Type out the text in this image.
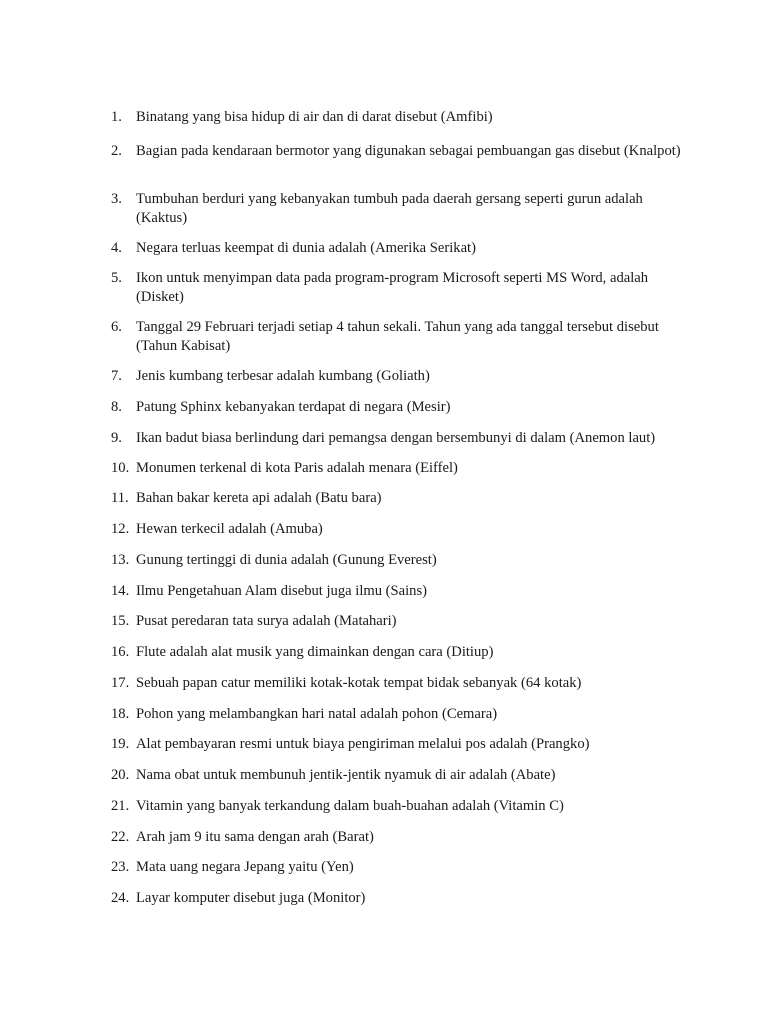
1. Binatang yang bisa hidup di air dan di darat disebut (Amfibi)
2. Bagian pada kendaraan bermotor yang digunakan sebagai pembuangan gas disebut (Knalpot)
3. Tumbuhan berduri yang kebanyakan tumbuh pada daerah gersang seperti gurun adalah (Kaktus)
4. Negara terluas keempat di dunia adalah (Amerika Serikat)
5. Ikon untuk menyimpan data pada program-program Microsoft seperti MS Word, adalah (Disket)
6. Tanggal 29 Februari terjadi setiap 4 tahun sekali. Tahun yang ada tanggal tersebut disebut (Tahun Kabisat)
7. Jenis kumbang terbesar adalah kumbang (Goliath)
8. Patung Sphinx kebanyakan terdapat di negara (Mesir)
9. Ikan badut biasa berlindung dari pemangsa dengan bersembunyi di dalam (Anemon laut)
10. Monumen terkenal di kota Paris adalah menara (Eiffel)
11. Bahan bakar kereta api adalah (Batu bara)
12. Hewan terkecil adalah (Amuba)
13. Gunung tertinggi di dunia adalah (Gunung Everest)
14. Ilmu Pengetahuan Alam disebut juga ilmu (Sains)
15. Pusat peredaran tata surya adalah (Matahari)
16. Flute adalah alat musik yang dimainkan dengan cara (Ditiup)
17. Sebuah papan catur memiliki kotak-kotak tempat bidak sebanyak (64 kotak)
18. Pohon yang melambangkan hari natal adalah pohon (Cemara)
19. Alat pembayaran resmi untuk biaya pengiriman melalui pos adalah (Prangko)
20. Nama obat untuk membunuh jentik-jentik nyamuk di air adalah (Abate)
21. Vitamin yang banyak terkandung dalam buah-buahan adalah (Vitamin C)
22. Arah jam 9 itu sama dengan arah (Barat)
23. Mata uang negara Jepang yaitu (Yen)
24. Layar komputer disebut juga (Monitor)
